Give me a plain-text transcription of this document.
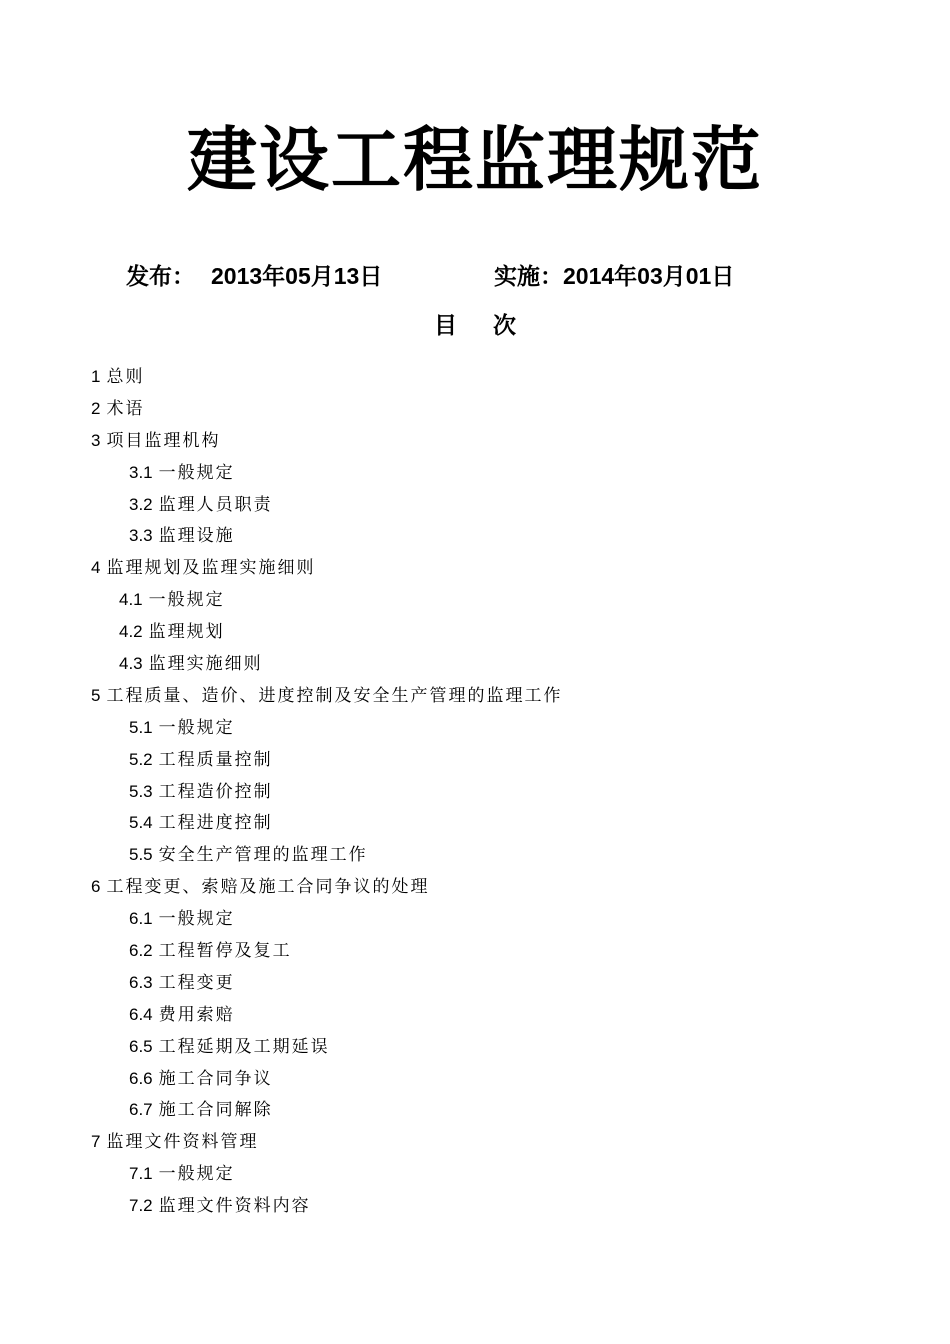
建设工程监理规范
发布： 2013年05月13日	实施：2014年03月01日
目次
1 总则
2 术语
3 项目监理机构
3.1 一般规定
3.2 监理人员职责
3.3 监理设施
4 监理规划及监理实施细则
4.1 一般规定
4.2 监理规划
4.3 监理实施细则
5 工程质量、造价、进度控制及安全生产管理的监理工作
5.1 一般规定
5.2 工程质量控制
5.3 工程造价控制
5.4 工程进度控制
5.5 安全生产管理的监理工作
6 工程变更、索赔及施工合同争议的处理
6.1 一般规定
6.2 工程暂停及复工
6.3 工程变更
6.4 费用索赔
6.5 工程延期及工期延误
6.6 施工合同争议
6.7 施工合同解除
7 监理文件资料管理
7.1 一般规定
7.2 监理文件资料内容
